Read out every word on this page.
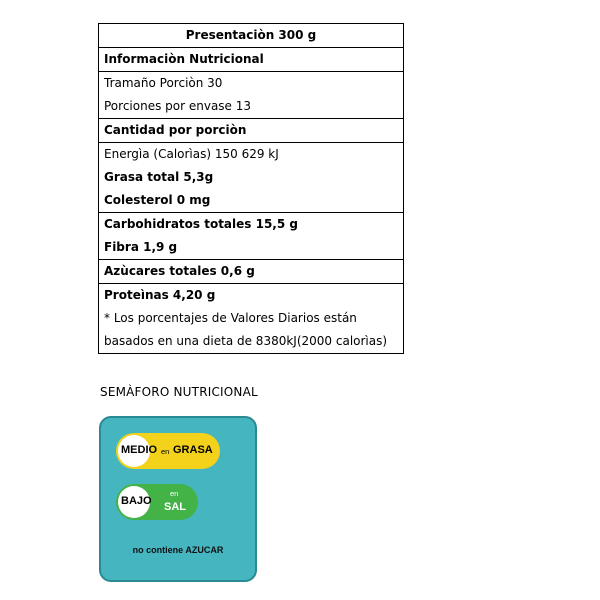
Presentaciòn 300 g
Informaciòn Nutricional
Tramaño Porciòn 30
Porciones por envase 13
Cantidad por porciòn
Energìa (Calorìas) 150 629 kJ
Grasa total 5,3g
Colesterol 0 mg
Carbohidratos totales 15,5 g
Fibra 1,9 g
Azùcares totales 0,6 g
Proteìnas 4,20 g
* Los porcentajes de Valores Diarios están
basados en una dieta de 8380kJ(2000 calorìas)
SEMÀFORO NUTRICIONAL
MEDIO en GRASA
BAJO
en
SAL
no contiene AZUCAR
